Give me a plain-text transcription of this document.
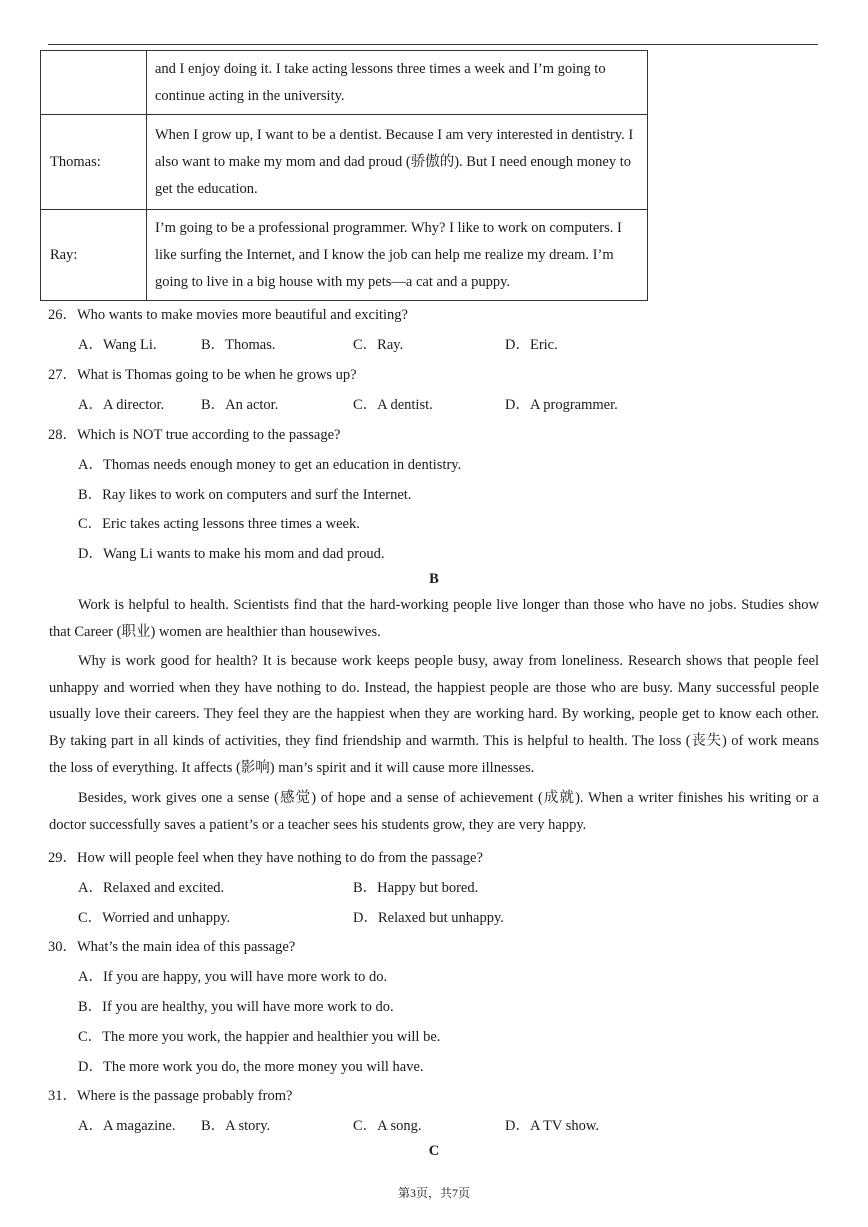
	and I enjoy doing it. I take acting lessons three times a week and I’m going to continue acting in the university.
Thomas:	When I grow up, I want to be a dentist. Because I am very interested in dentistry. I also want to make my mom and dad proud (骄傲的). But I need enough money to get the education.
Ray:	I’m going to be a professional programmer. Why? I like to work on computers. I like surfing the Internet, and I know the job can help me realize my dream. I’m going to live in a big house with my pets—a cat and a puppy.
26．Who wants to make movies more beautiful and exciting?
A．Wang Li.	B．Thomas.	C．Ray.	D．Eric.
27．What is Thomas going to be when he grows up?
A．A director.	B．An actor.	C．A dentist.	D．A programmer.
28．Which is NOT true according to the passage?
A．Thomas needs enough money to get an education in dentistry.
B．Ray likes to work on computers and surf the Internet.
C．Eric takes acting lessons three times a week.
D．Wang Li wants to make his mom and dad proud.
B
Work is helpful to health. Scientists find that the hard-working people live longer than those who have no jobs. Studies show that Career (职业) women are healthier than housewives.
Why is work good for health? It is because work keeps people busy, away from loneliness. Research shows that people feel unhappy and worried when they have nothing to do. Instead, the happiest people are those who are busy. Many successful people usually love their careers. They feel they are the happiest when they are working hard. By working, people get to know each other. By taking part in all kinds of activities, they find friendship and warmth. This is helpful to health. The loss (丧失) of work means the loss of everything. It affects (影响) man’s spirit and it will cause more illnesses.
Besides, work gives one a sense (感觉) of hope and a sense of achievement (成就). When a writer finishes his writing or a doctor successfully saves a patient’s or a teacher sees his students grow, they are very happy.
29．How will people feel when they have nothing to do from the passage?
A．Relaxed and excited.	B．Happy but bored.
C．Worried and unhappy.	D．Relaxed but unhappy.
30．What’s the main idea of this passage?
A．If you are happy, you will have more work to do.
B．If you are healthy, you will have more work to do.
C．The more you work, the happier and healthier you will be.
D．The more work you do, the more money you will have.
31．Where is the passage probably from?
A．A magazine. B．A story.	C．A song.	D．A TV show.
C
第3页，共7页
